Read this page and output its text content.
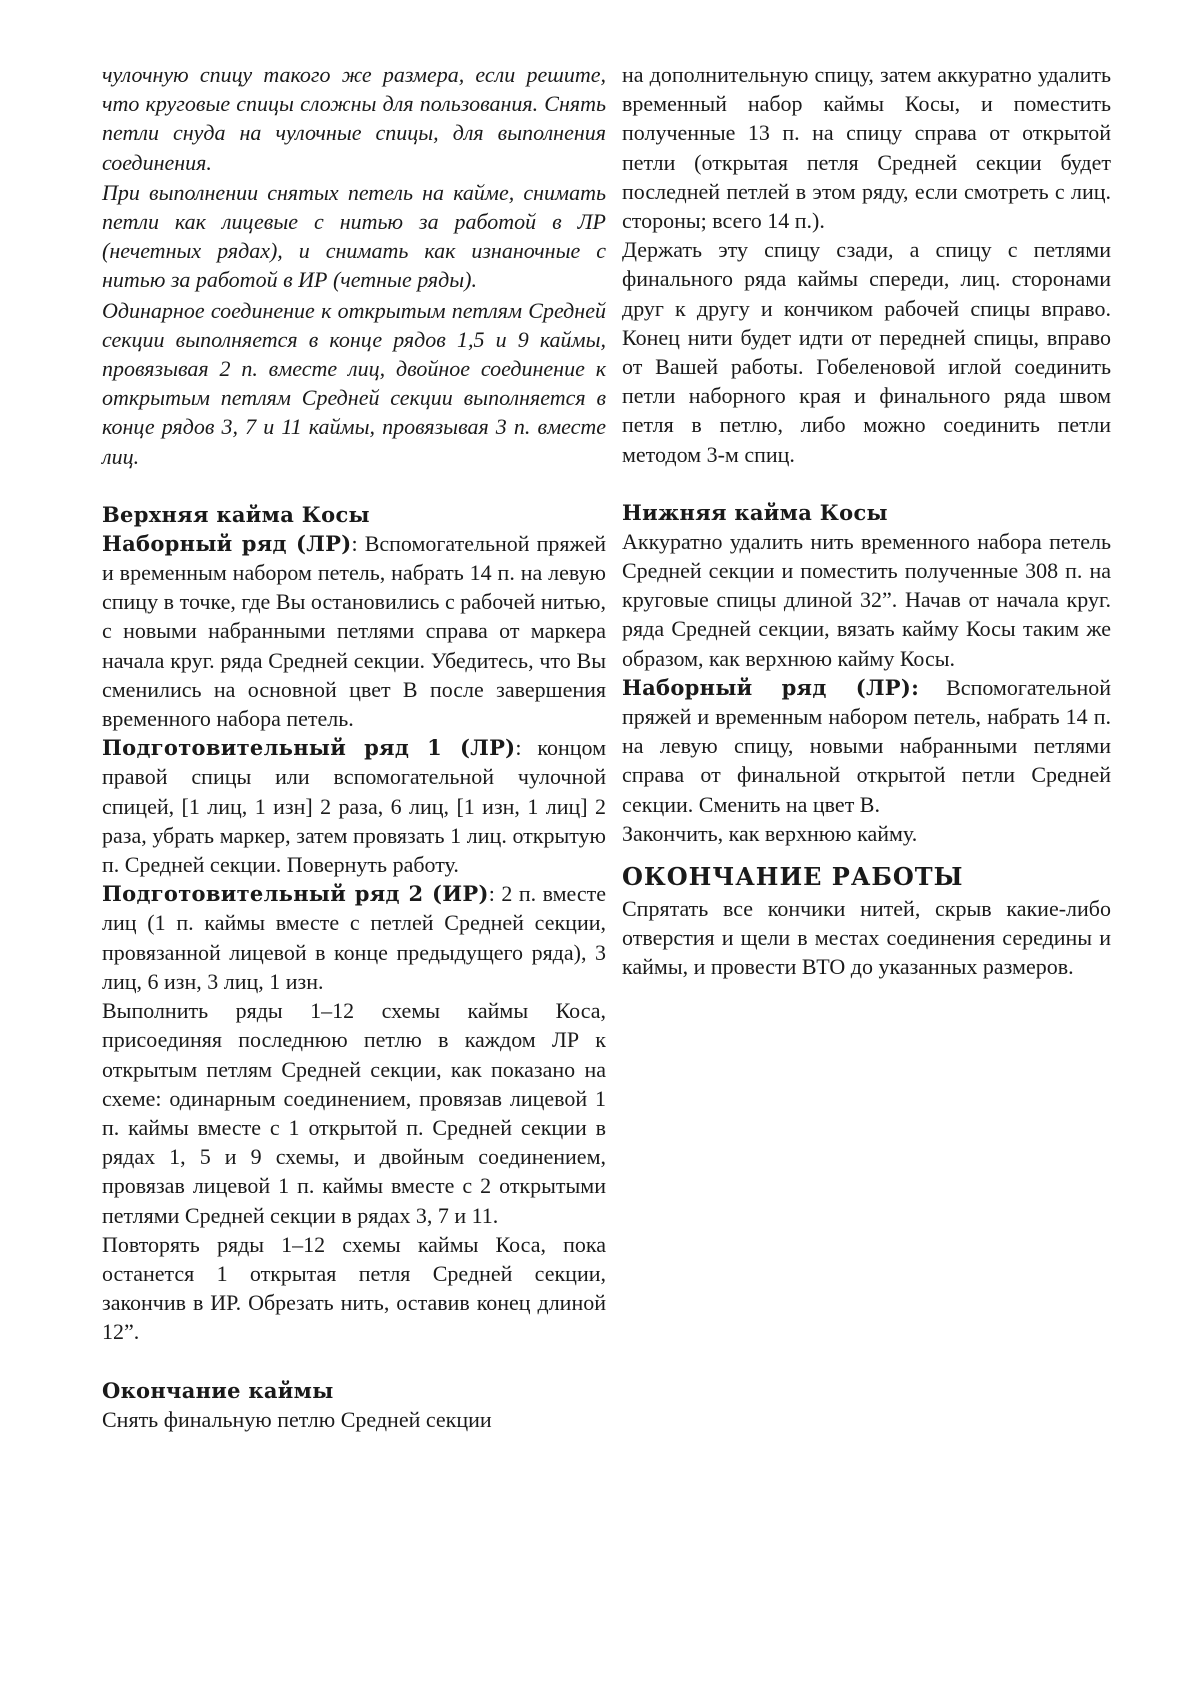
чулочную спицу такого же размера, если решите, что круговые спицы сложны для пользования. Снять петли снуда на чулочные спицы, для выполнения соединения.

При выполнении снятых петель на кайме, снимать петли как лицевые с нитью за работой в ЛР (нечетных рядах), и снимать как изнаночные с нитью за работой в ИР (четные ряды).

Одинарное соединение к открытым петлям Средней секции выполняется в конце рядов 1,5 и 9 каймы, провязывая 2 п. вместе лиц, двойное соединение к открытым петлям Средней секции выполняется в конце рядов 3, 7 и 11 каймы, провязывая 3 п. вместе лиц.

Верхняя кайма Косы

Наборный ряд (ЛР): Вспомогательной пряжей и временным набором петель, набрать 14 п. на левую спицу в точке, где Вы остановились с рабочей нитью, с новыми набранными петлями справа от маркера начала круг. ряда Средней секции. Убедитесь, что Вы сменились на основной цвет B после завершения временного набора петель.

Подготовительный ряд 1 (ЛР): концом правой спицы или вспомогательной чулочной спицей, [1 лиц, 1 изн] 2 раза, 6 лиц, [1 изн, 1 лиц] 2 раза, убрать маркер, затем провязать 1 лиц. открытую п. Средней секции. Повернуть работу.

Подготовительный ряд 2 (ИР): 2 п. вместе лиц (1 п. каймы вместе с петлей Средней секции, провязанной лицевой в конце предыдущего ряда), 3 лиц, 6 изн, 3 лиц, 1 изн.

Выполнить ряды 1–12 схемы каймы Коса, присоединяя последнюю петлю в каждом ЛР к открытым петлям Средней секции, как показано на схеме: одинарным соединением, провязав лицевой 1 п. каймы вместе с 1 открытой п. Средней секции в рядах 1, 5 и 9 схемы, и двойным соединением, провязав лицевой 1 п. каймы вместе с 2 открытыми петлями Средней секции в рядах 3, 7 и 11.

Повторять ряды 1–12 схемы каймы Коса, пока останется 1 открытая петля Средней секции, закончив в ИР. Обрезать нить, оставив конец длиной 12”.

Окончание каймы

Снять финальную петлю Средней секции

на дополнительную спицу, затем аккуратно удалить временный набор каймы Косы, и поместить полученные 13 п. на спицу справа от открытой петли (открытая петля Средней секции будет последней петлей в этом ряду, если смотреть с лиц. стороны; всего 14 п.).

Держать эту спицу сзади, а спицу с петлями финального ряда каймы спереди, лиц. сторонами друг к другу и кончиком рабочей спицы вправо. Конец нити будет идти от передней спицы, вправо от Вашей работы. Гобеленовой иглой соединить петли наборного края и финального ряда швом петля в петлю, либо можно соединить петли методом 3-м спиц.

Нижняя кайма Косы

Аккуратно удалить нить временного набора петель Средней секции и поместить полученные 308 п. на круговые спицы длиной 32”. Начав от начала круг. ряда Средней секции, вязать кайму Косы таким же образом, как верхнюю кайму Косы.

Наборный ряд (ЛР): Вспомогательной пряжей и временным набором петель, набрать 14 п. на левую спицу, новыми набранными петлями справа от финальной открытой петли Средней секции. Сменить на цвет B.

Закончить, как верхнюю кайму.

ОКОНЧАНИЕ РАБОТЫ

Спрятать все кончики нитей, скрыв какие-либо отверстия и щели в местах соединения середины и каймы, и провести ВТО до указанных размеров.
